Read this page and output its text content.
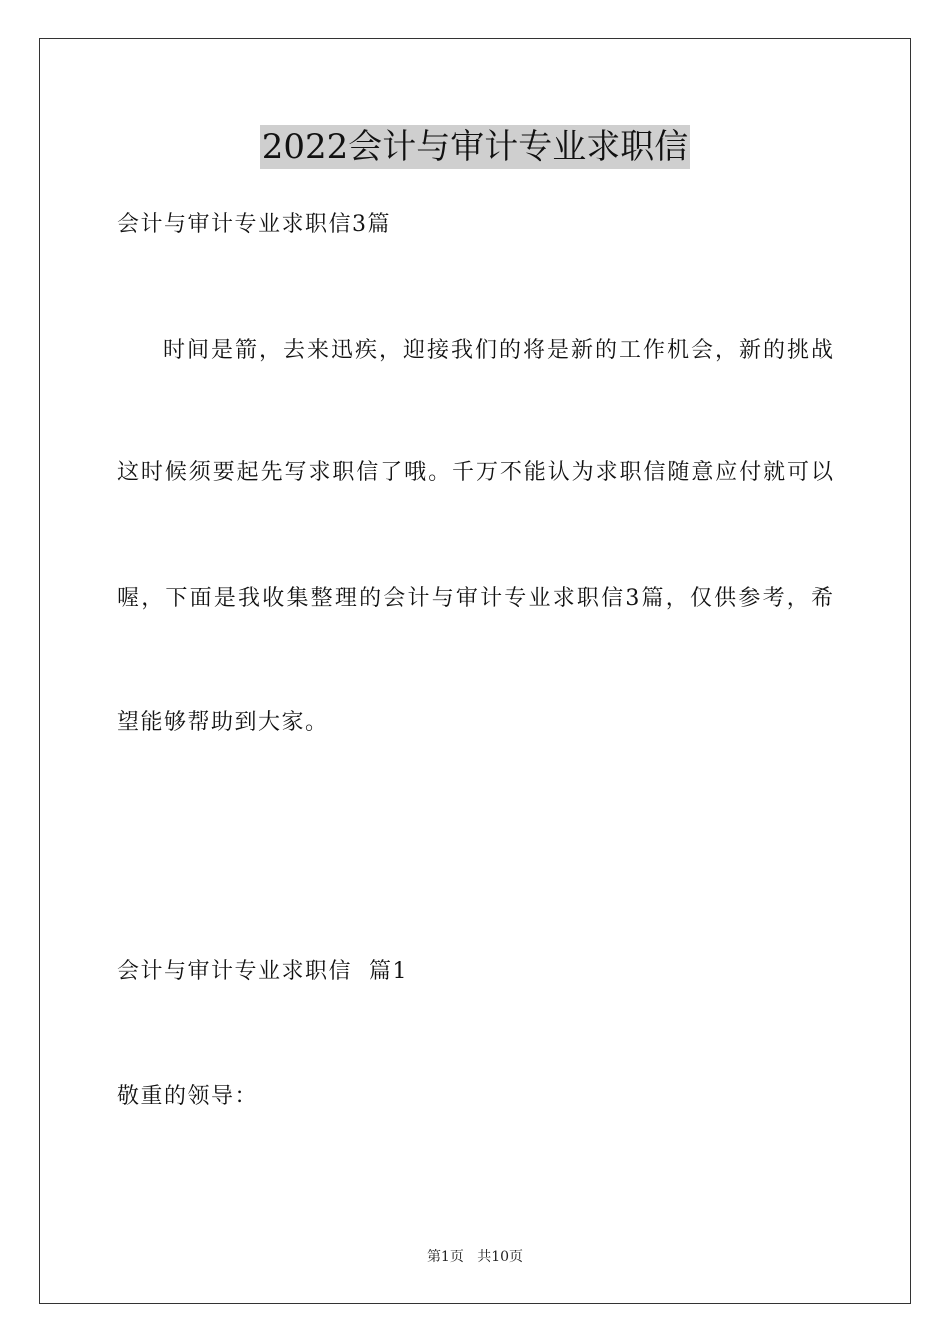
2022会计与审计专业求职信
会计与审计专业求职信3篇
时间是箭，去来迅疾，迎接我们的将是新的工作机会，新的挑战
这时候须要起先写求职信了哦。千万不能认为求职信随意应付就可以
喔，下面是我收集整理的会计与审计专业求职信3篇，仅供参考，希
望能够帮助到大家。
会计与审计专业求职信  篇1
敬重的领导：
第1页 共10页
